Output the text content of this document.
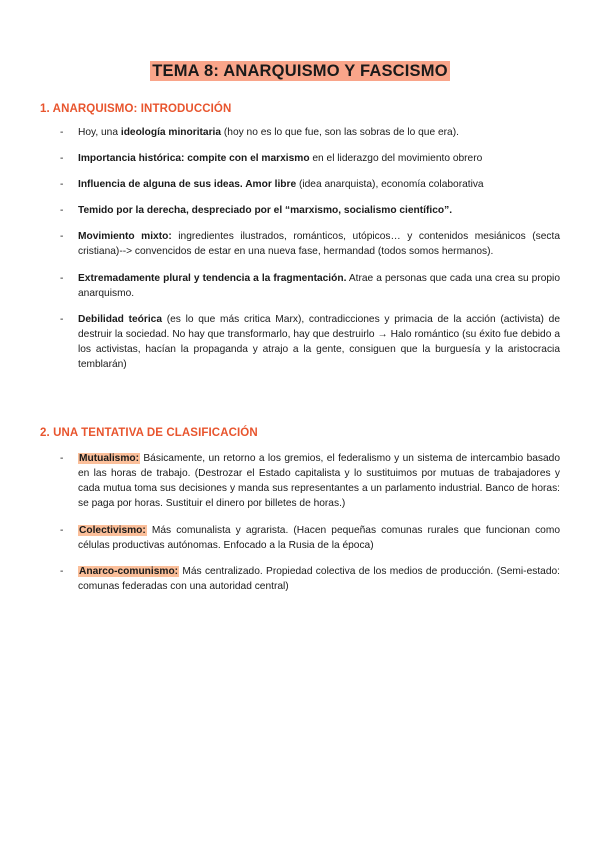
TEMA 8: ANARQUISMO Y FASCISMO
1. ANARQUISMO: INTRODUCCIÓN
- Hoy, una ideología minoritaria (hoy no es lo que fue, son las sobras de lo que era).
- Importancia histórica: compite con el marxismo en el liderazgo del movimiento obrero
- Influencia de alguna de sus ideas. Amor libre (idea anarquista), economía colaborativa
- Temido por la derecha, despreciado por el “marxismo, socialismo científico”.
- Movimiento mixto: ingredientes ilustrados, románticos, utópicos… y contenidos mesiánicos (secta cristiana)--> convencidos de estar en una nueva fase, hermandad (todos somos hermanos).
- Extremadamente plural y tendencia a la fragmentación. Atrae a personas que cada una crea su propio anarquismo.
- Debilidad teórica (es lo que más critica Marx), contradicciones y primacia de la acción (activista) de destruir la sociedad. No hay que transformarlo, hay que destruirlo → Halo romántico (su éxito fue debido a los activistas, hacían la propaganda y atrajo a la gente, consiguen que la burguesía y la aristocracia temblarán)
2. UNA TENTATIVA DE CLASIFICACIÓN
- Mutualismo: Básicamente, un retorno a los gremios, el federalismo y un sistema de intercambio basado en las horas de trabajo. (Destrozar el Estado capitalista y lo sustituimos por mutuas de trabajadores y cada mutua toma sus decisiones y manda sus representantes a un parlamento industrial. Banco de horas: se paga por horas. Sustituir el dinero por billetes de horas.)
- Colectivismo: Más comunalista y agrarista. (Hacen pequeñas comunas rurales que funcionan como células productivas autónomas. Enfocado a la Rusia de la época)
- Anarco-comunismo: Más centralizado. Propiedad colectiva de los medios de producción. (Semi-estado: comunas federadas con una autoridad central)
